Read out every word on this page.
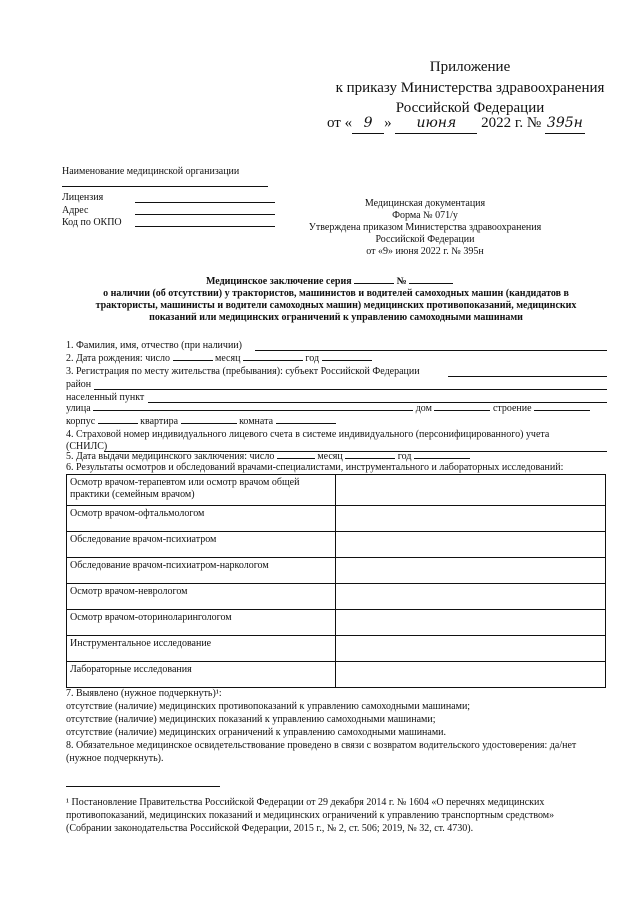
Приложение
к приказу Министерства здравоохранения
Российской Федерации
от « 9 » июня 2022 г. № 395н
Наименование медицинской организации
Лицензия
Адрес
Код по ОКПО
Медицинская документация
Форма № 071/у
Утверждена приказом Министерства здравоохранения
Российской Федерации
от «9» июня 2022 г. № 395н
Медицинское заключение серия	№
о наличии (об отсутствии) у трактористов, машинистов и водителей самоходных машин (кандидатов в
трактористы, машинисты и водители самоходных машин) медицинских противопоказаний, медицинских
показаний или медицинских ограничений к управлению самоходными машинами
1. Фамилия, имя, отчество (при наличии)
2. Дата рождения: число	месяц	год
3. Регистрация по месту жительства (пребывания): субъект Российской Федерации
район
населенный пункт
улица	дом	строение
корпус	квартира	комната
4. Страховой номер индивидуального лицевого счета в системе индивидуального (персонифицированного) учета
(СНИЛС)
5. Дата выдачи медицинского заключения: число	месяц	год
6. Результаты осмотров и обследований врачами-специалистами, инструментального и лабораторных исследований:
Осмотр врачом-терапевтом или осмотр врачом общей практики (семейным врачом)	
Осмотр врачом-офтальмологом	
Обследование врачом-психиатром	
Обследование врачом-психиатром-наркологом	
Осмотр врачом-неврологом	
Осмотр врачом-оториноларингологом	
Инструментальное исследование	
Лабораторные исследования	
7. Выявлено (нужное подчеркнуть)¹:
отсутствие (наличие) медицинских противопоказаний к управлению самоходными машинами;
отсутствие (наличие) медицинских показаний к управлению самоходными машинами;
отсутствие (наличие) медицинских ограничений к управлению самоходными машинами.
8. Обязательное медицинское освидетельствование проведено в связи с возвратом водительского удостоверения: да/нет
(нужное подчеркнуть).
¹ Постановление Правительства Российской Федерации от 29 декабря 2014 г. № 1604 «О перечнях медицинских
противопоказаний, медицинских показаний и медицинских ограничений к управлению транспортным средством»
(Собрании законодательства Российской Федерации, 2015 г., № 2, ст. 506; 2019, № 32, ст. 4730).
